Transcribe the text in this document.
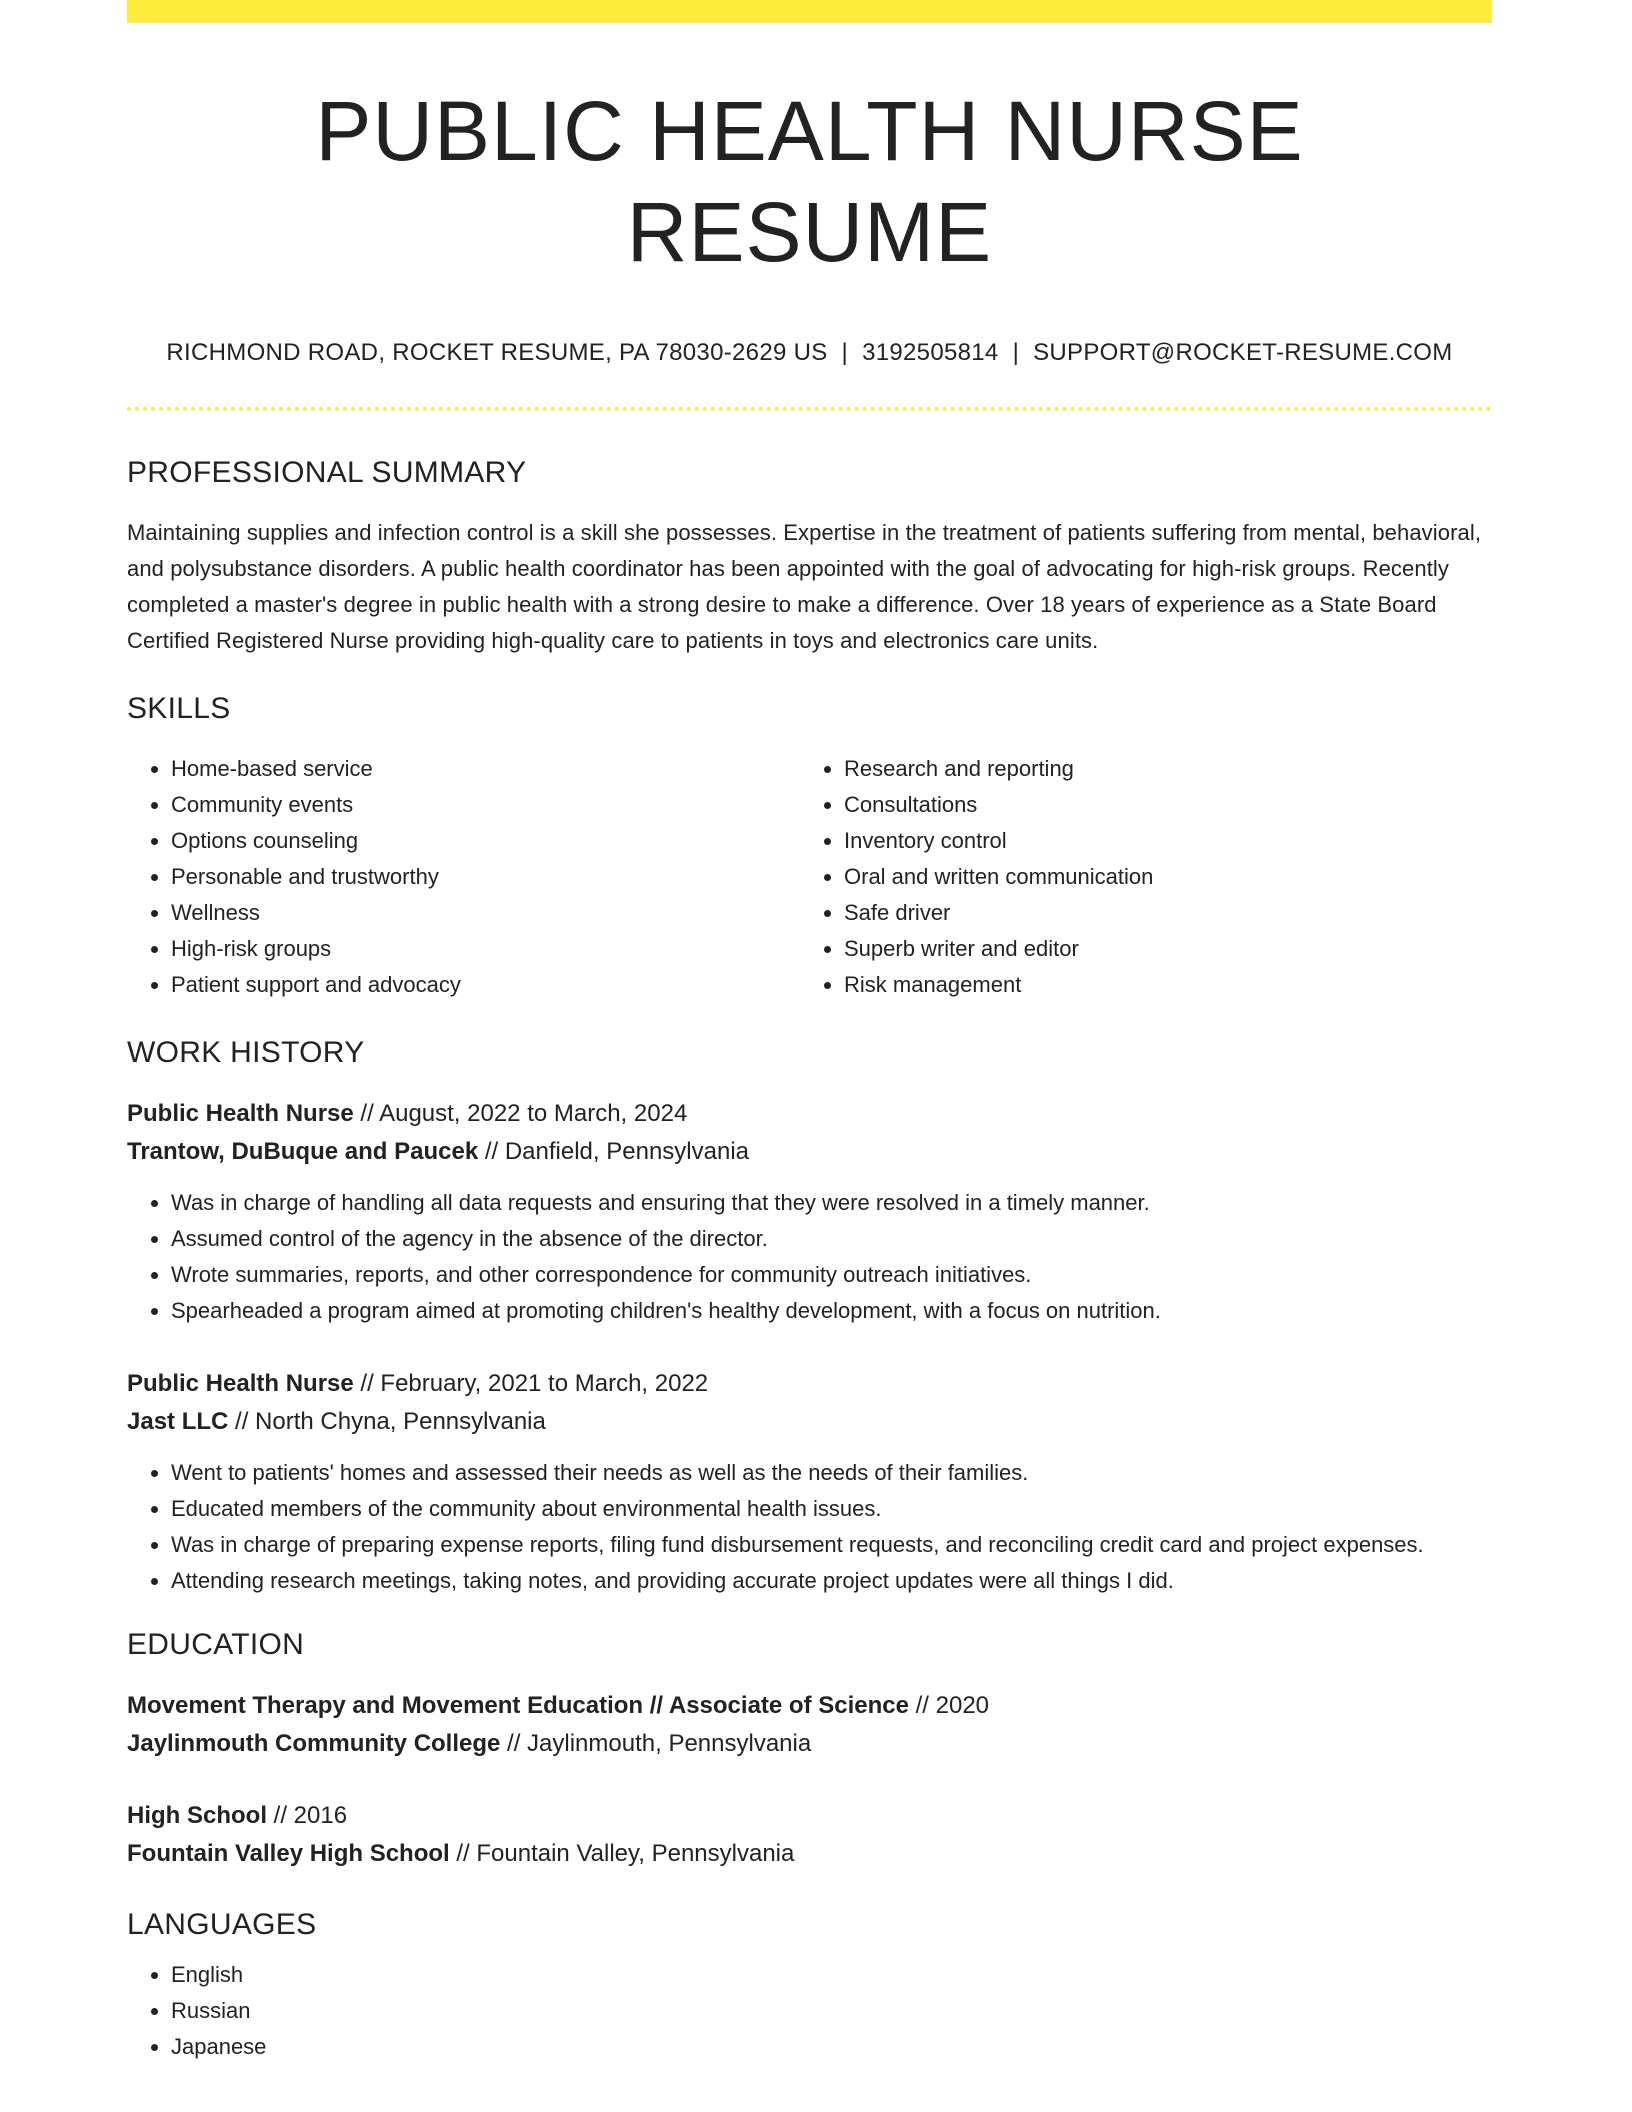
PUBLIC HEALTH NURSE RESUME
RICHMOND ROAD, ROCKET RESUME, PA 78030-2629 US | 3192505814 | SUPPORT@ROCKET-RESUME.COM
PROFESSIONAL SUMMARY

Maintaining supplies and infection control is a skill she possesses. Expertise in the treatment of patients suffering from mental, behavioral, and polysubstance disorders. A public health coordinator has been appointed with the goal of advocating for high-risk groups. Recently completed a master's degree in public health with a strong desire to make a difference. Over 18 years of experience as a State Board Certified Registered Nurse providing high-quality care to patients in toys and electronics care units.

SKILLS
• Home-based service
• Community events
• Options counseling
• Personable and trustworthy
• Wellness
• High-risk groups
• Patient support and advocacy
• Research and reporting
• Consultations
• Inventory control
• Oral and written communication
• Safe driver
• Superb writer and editor
• Risk management
WORK HISTORY
Public Health Nurse // August, 2022 to March, 2024
Trantow, DuBuque and Paucek // Danfield, Pennsylvania
• Was in charge of handling all data requests and ensuring that they were resolved in a timely manner.
• Assumed control of the agency in the absence of the director.
• Wrote summaries, reports, and other correspondence for community outreach initiatives.
• Spearheaded a program aimed at promoting children's healthy development, with a focus on nutrition.
Public Health Nurse // February, 2021 to March, 2022
Jast LLC // North Chyna, Pennsylvania
• Went to patients' homes and assessed their needs as well as the needs of their families.
• Educated members of the community about environmental health issues.
• Was in charge of preparing expense reports, filing fund disbursement requests, and reconciling credit card and project expenses.
• Attending research meetings, taking notes, and providing accurate project updates were all things I did.
EDUCATION
Movement Therapy and Movement Education // Associate of Science // 2020
Jaylinmouth Community College // Jaylinmouth, Pennsylvania
High School // 2016
Fountain Valley High School // Fountain Valley, Pennsylvania
LANGUAGES
• English
• Russian
• Japanese
